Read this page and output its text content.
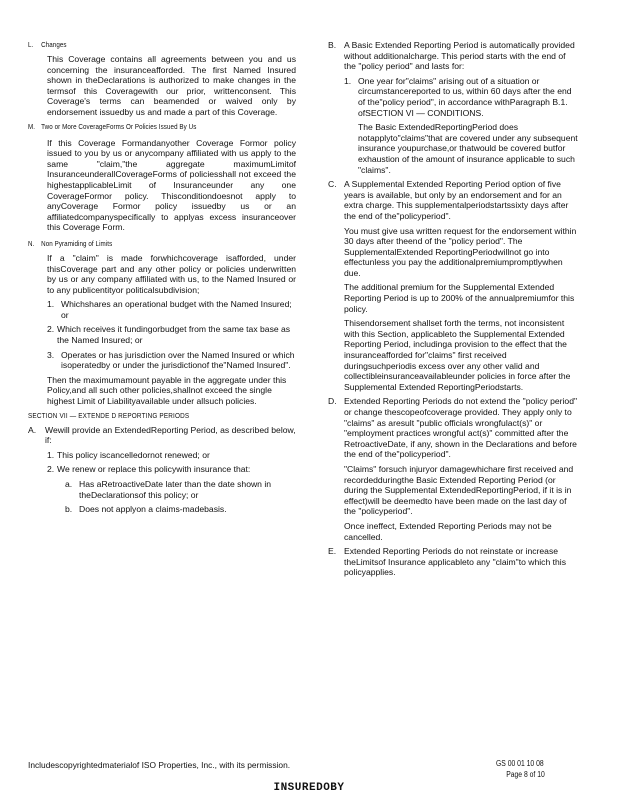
L. Changes

This Coverage contains all agreements between you and us concerning the insuranceafforded. The first Named Insured shown in theDeclarations is authorized to make changes in the termsof this Coveragewith our prior, writtenconsent. This Coverage's terms can beamended or waived only by endorsement issuedby us and made a part of this Coverage.

M. Two or More CoverageForms Or Policies Issued By Us

If this Coverage Formandanyother Coverage Formor policy issued to you by us or anycompany affiliated with us apply to the same "claim,"the aggregate maximumLimitof InsuranceunderallCoverageForms of policiesshall not exceed the highestapplicableLimit of Insuranceunder any one CoverageFormor policy. Thisconditiondoesnot apply to anyCoverage Formor policy issuedby us or an affiliatedcompanyspecifically to applyas excess insuranceover this Coverage Form.

N. Non Pyramiding of Limits

If a "claim" is made forwhichcoverage isafforded, under thisCoverage part and any other policy or policies underwritten by us or any company affiliated with us, to the Named Insured or to any publicentityor politicalsubdivision;

1. Whichshares an operational budget with the Named Insured; or
2. Which receives it fundingorbudget from the same tax base as the Named Insured; or
3. Operates or has jurisdiction over the Named Insured or which isoperatedby or under the jurisdictionof the"Named Insured".

Then the maximumamount payable in the aggregate under this Policy,and all such other policies,shallnot exceed the single highest Limit of Liabilityavailable under allsuch policies.

SECTION VII — EXTENDE D REPORTING PERIODS
A.	Wewill provide an ExtendedReporting Period, as described below, if:
1. This policy iscancelledornot renewed; or
2. We renew or replace this policywith insurance that:
a. Has aRetroactiveDate later than the date shown in theDeclarationsof this policy; or
b. Does not applyon a claims-madebasis.
B. A Basic Extended Reporting Period is automatically provided without additionalcharge. This period starts with the end of the "policy period" and lasts for:
1. One year for"claims" arising out of a situation or circumstancereported to us, within 60 days after the end of the"policy period", in accordance withParagraph B.1. ofSECTION VI — CONDITIONS.

The Basic ExtendedReportingPeriod does notapplyto"claims"that are covered under any subsequent insurance youpurchase,or thatwould be covered butfor exhaustion of the amount of insurance applicable to such "claims".

C. A Supplemental Extended Reporting Period option of five years is available, but only by an endorsement and for an extra charge. This supplementalperiodstartssixty days after the end of the"policyperiod".

You must give usa written request for the endorsement within 30 days after theend of the "policy period". The SupplementalExtended ReportingPeriodwillnot go into effectunless you pay the additionalpremiumpromptlywhen due.

The additional premium for the Supplemental Extended Reporting Period is up to 200% of the annualpremiumfor this policy.

Thisendorsement shallset forth the terms, not inconsistent with this Section, applicableto the Supplemental Extended Reporting Period, includinga provision to the effect that the insuranceafforded for"claims" first received duringsuchperiodis excess over any other valid and collectibleinsuranceavailableunder policies in force after the Supplemental Extended ReportingPeriodstarts.

D. Extended Reporting Periods do not extend the "policy period" or change thescopeofcoverage provided. They apply only to "claims" as aresult "public officials wrongfulact(s)" or "employment practices wrongful act(s)" committed after the RetroactiveDate, if any, shown in the Declarations and before the end of the"policyperiod".

"Claims" forsuch injuryor damagewhichare first received and recordedduringthe Basic Extended Reporting Period (or during the Supplemental ExtendedReportingPeriod, if it is in effect)will be deemedto have been made on the last day of the "policyperiod".

Once ineffect, Extended Reporting Periods may not be cancelled.

E. Extended Reporting Periods do not reinstate or increase theLimitsof Insurance applicableto any "claim"to which this policyapplies.
Includescopyrightedmaterialof ISO Properties, Inc., with its permission.	GS 00 01 10 08
Page 8 of 10
INSUREDOBY
